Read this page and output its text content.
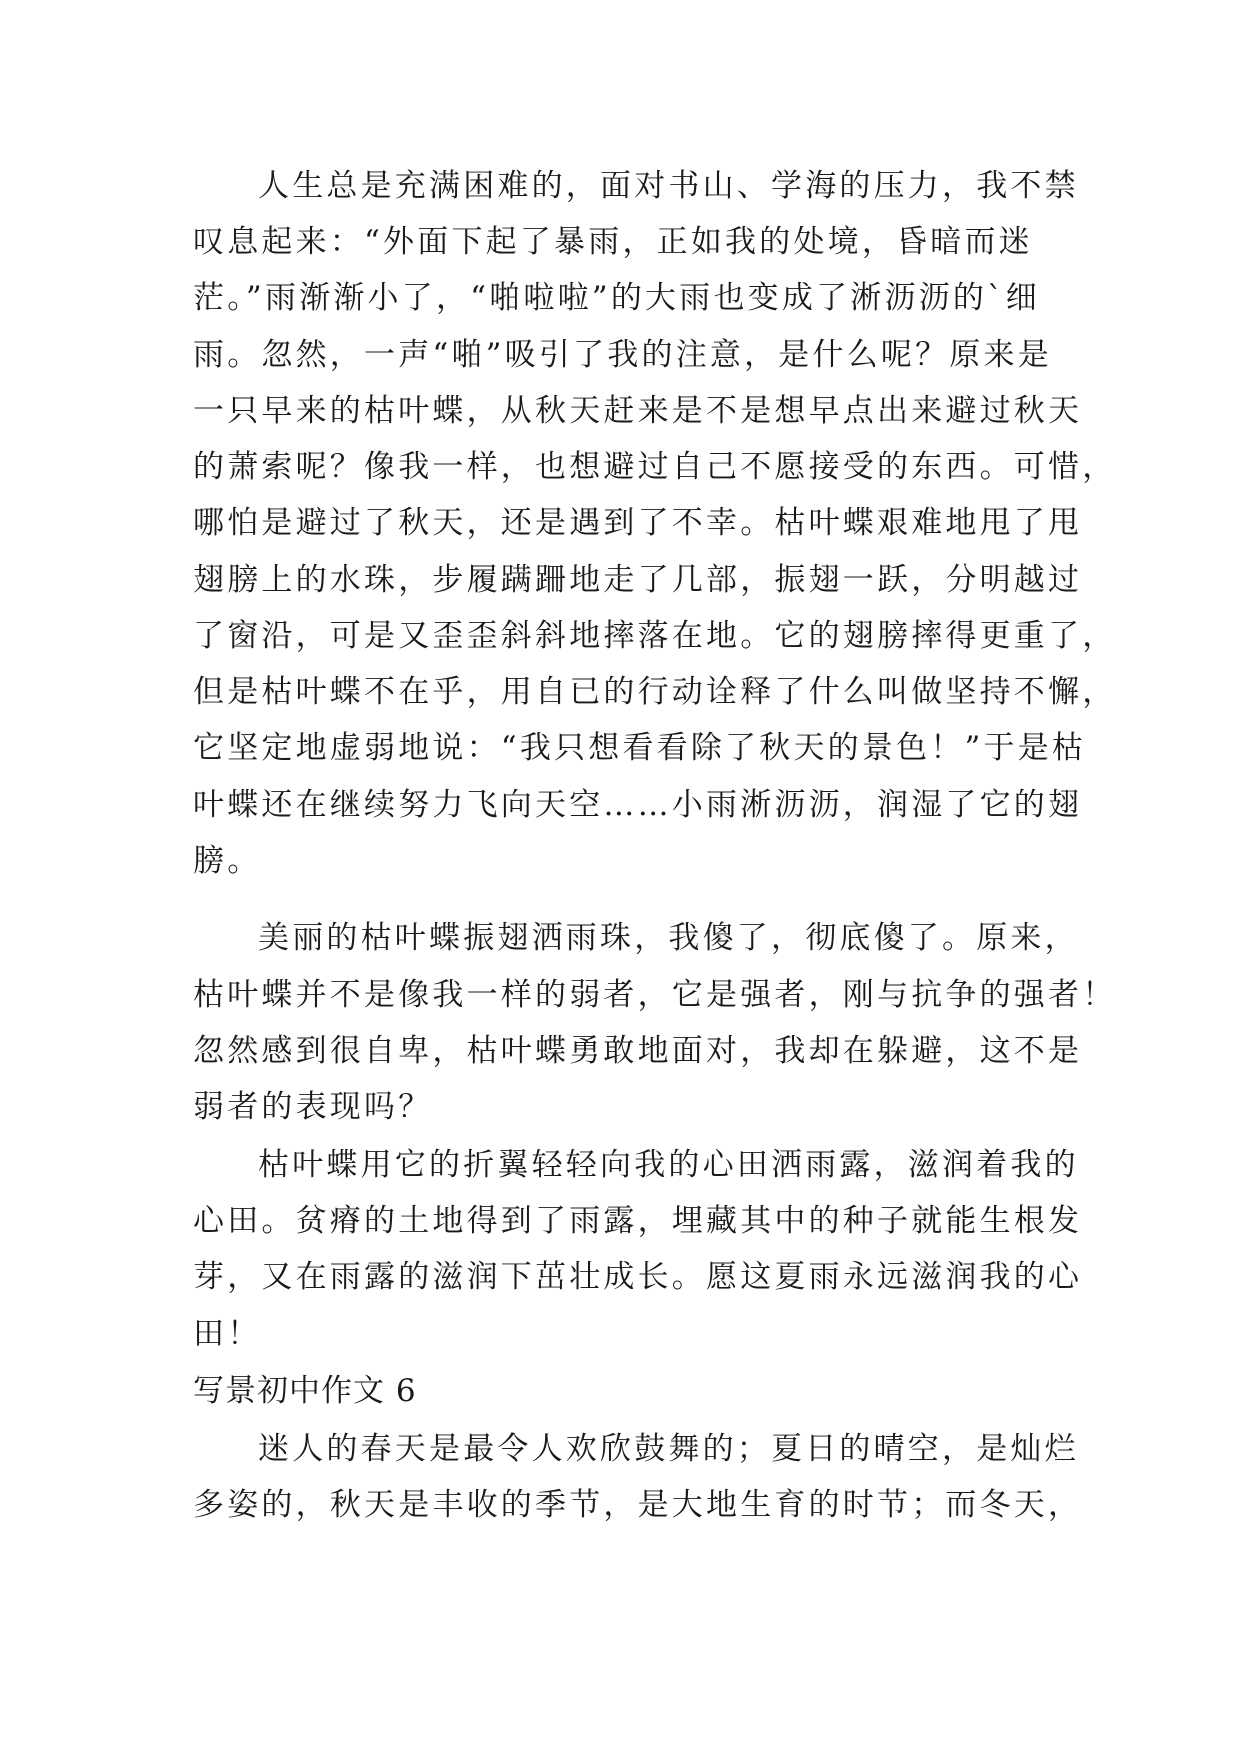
人生总是充满困难的，面对书山、学海的压力，我不禁
叹息起来：“外面下起了暴雨，正如我的处境，昏暗而迷
茫。”雨渐渐小了，“啪啦啦”的大雨也变成了淅沥沥的`细
雨。忽然，一声“啪”吸引了我的注意，是什么呢？原来是
一只早来的枯叶蝶，从秋天赶来是不是想早点出来避过秋天
的萧索呢？像我一样，也想避过自己不愿接受的东西。可惜，
哪怕是避过了秋天，还是遇到了不幸。枯叶蝶艰难地甩了甩
翅膀上的水珠，步履蹒跚地走了几部，振翅一跃，分明越过
了窗沿，可是又歪歪斜斜地摔落在地。它的翅膀摔得更重了，
但是枯叶蝶不在乎，用自已的行动诠释了什么叫做坚持不懈，
它坚定地虚弱地说：“我只想看看除了秋天的景色！”于是枯
叶蝶还在继续努力飞向天空……小雨淅沥沥，润湿了它的翅
膀。
美丽的枯叶蝶振翅洒雨珠，我傻了，彻底傻了。原来，
枯叶蝶并不是像我一样的弱者，它是强者，刚与抗争的强者！
忽然感到很自卑，枯叶蝶勇敢地面对，我却在躲避，这不是
弱者的表现吗？
枯叶蝶用它的折翼轻轻向我的心田洒雨露，滋润着我的
心田。贫瘠的土地得到了雨露，埋藏其中的种子就能生根发
芽，又在雨露的滋润下茁壮成长。愿这夏雨永远滋润我的心
田！
写景初中作文 6
迷人的春天是最令人欢欣鼓舞的；夏日的晴空，是灿烂
多姿的，秋天是丰收的季节，是大地生育的时节；而冬天，
